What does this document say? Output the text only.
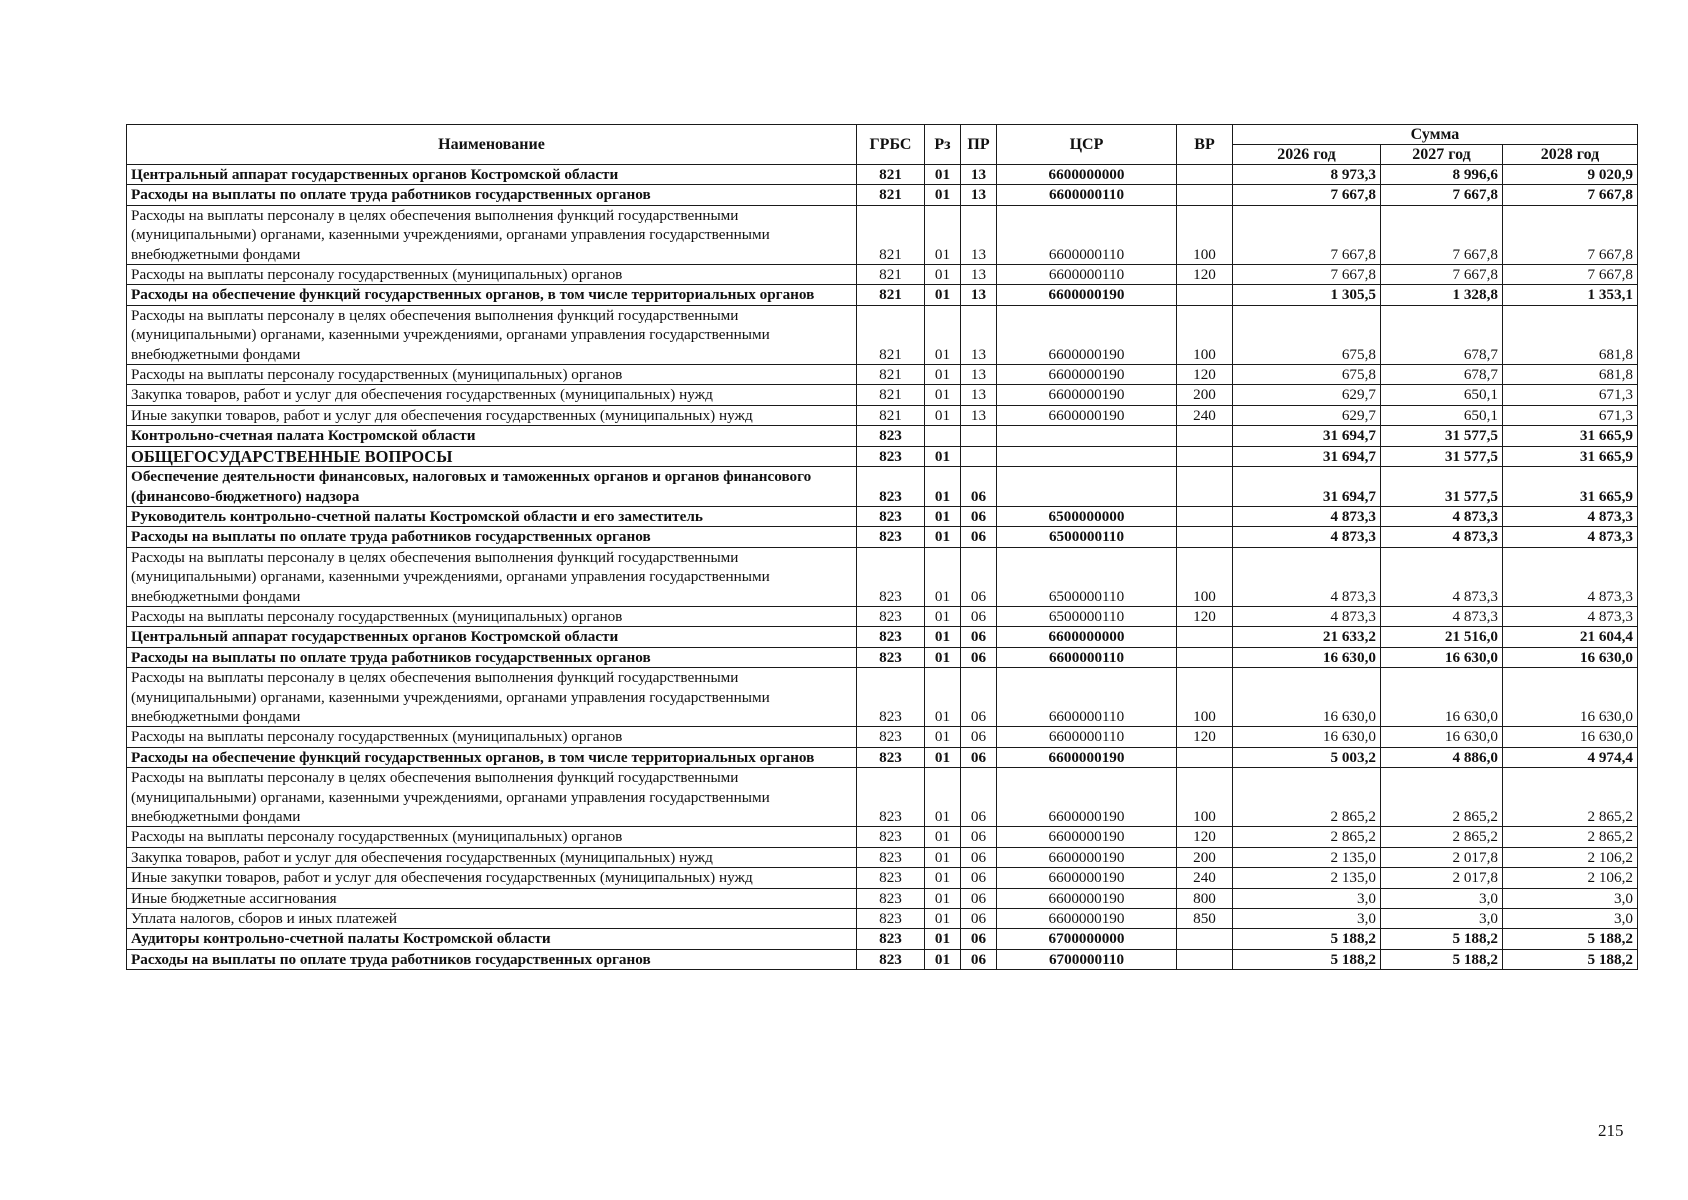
Наименование	ГРБС	Рз	ПР	ЦСР	ВР	Сумма		
						2026 год	2027 год	2028 год
Центральный аппарат государственных органов Костромской области	821	01	13	6600000000		8 973,3	8 996,6	9 020,9
Расходы на выплаты по оплате труда работников государственных органов	821	01	13	6600000110		7 667,8	7 667,8	7 667,8
Расходы на выплаты персоналу в целях обеспечения выполнения функций государственными (муниципальными) органами, казенными учреждениями, органами управления государственными внебюджетными фондами	821	01	13	6600000110	100	7 667,8	7 667,8	7 667,8
Расходы на выплаты персоналу государственных (муниципальных) органов	821	01	13	6600000110	120	7 667,8	7 667,8	7 667,8
Расходы на обеспечение функций государственных органов, в том числе территориальных органов	821	01	13	6600000190		1 305,5	1 328,8	1 353,1
Расходы на выплаты персоналу в целях обеспечения выполнения функций государственными (муниципальными) органами, казенными учреждениями, органами управления государственными внебюджетными фондами	821	01	13	6600000190	100	675,8	678,7	681,8
Расходы на выплаты персоналу государственных (муниципальных) органов	821	01	13	6600000190	120	675,8	678,7	681,8
Закупка товаров, работ и услуг для обеспечения государственных (муниципальных) нужд	821	01	13	6600000190	200	629,7	650,1	671,3
Иные закупки товаров, работ и услуг для обеспечения государственных (муниципальных) нужд	821	01	13	6600000190	240	629,7	650,1	671,3
Контрольно-счетная палата Костромской области	823					31 694,7	31 577,5	31 665,9
ОБЩЕГОСУДАРСТВЕННЫЕ ВОПРОСЫ	823	01				31 694,7	31 577,5	31 665,9
Обеспечение деятельности финансовых, налоговых и таможенных органов и органов финансового (финансово-бюджетного) надзора	823	01	06			31 694,7	31 577,5	31 665,9
Руководитель контрольно-счетной палаты Костромской области и его заместитель	823	01	06	6500000000		4 873,3	4 873,3	4 873,3
Расходы на выплаты по оплате труда работников государственных органов	823	01	06	6500000110		4 873,3	4 873,3	4 873,3
Расходы на выплаты персоналу в целях обеспечения выполнения функций государственными (муниципальными) органами, казенными учреждениями, органами управления государственными внебюджетными фондами	823	01	06	6500000110	100	4 873,3	4 873,3	4 873,3
Расходы на выплаты персоналу государственных (муниципальных) органов	823	01	06	6500000110	120	4 873,3	4 873,3	4 873,3
Центральный аппарат государственных органов Костромской области	823	01	06	6600000000		21 633,2	21 516,0	21 604,4
Расходы на выплаты по оплате труда работников государственных органов	823	01	06	6600000110		16 630,0	16 630,0	16 630,0
Расходы на выплаты персоналу в целях обеспечения выполнения функций государственными (муниципальными) органами, казенными учреждениями, органами управления государственными внебюджетными фондами	823	01	06	6600000110	100	16 630,0	16 630,0	16 630,0
Расходы на выплаты персоналу государственных (муниципальных) органов	823	01	06	6600000110	120	16 630,0	16 630,0	16 630,0
Расходы на обеспечение функций государственных органов, в том числе территориальных органов	823	01	06	6600000190		5 003,2	4 886,0	4 974,4
Расходы на выплаты персоналу в целях обеспечения выполнения функций государственными (муниципальными) органами, казенными учреждениями, органами управления государственными внебюджетными фондами	823	01	06	6600000190	100	2 865,2	2 865,2	2 865,2
Расходы на выплаты персоналу государственных (муниципальных) органов	823	01	06	6600000190	120	2 865,2	2 865,2	2 865,2
Закупка товаров, работ и услуг для обеспечения государственных (муниципальных) нужд	823	01	06	6600000190	200	2 135,0	2 017,8	2 106,2
Иные закупки товаров, работ и услуг для обеспечения государственных (муниципальных) нужд	823	01	06	6600000190	240	2 135,0	2 017,8	2 106,2
Иные бюджетные ассигнования	823	01	06	6600000190	800	3,0	3,0	3,0
Уплата налогов, сборов и иных платежей	823	01	06	6600000190	850	3,0	3,0	3,0
Аудиторы контрольно-счетной палаты Костромской области	823	01	06	6700000000		5 188,2	5 188,2	5 188,2
Расходы на выплаты по оплате труда работников государственных органов	823	01	06	6700000110		5 188,2	5 188,2	5 188,2
215
